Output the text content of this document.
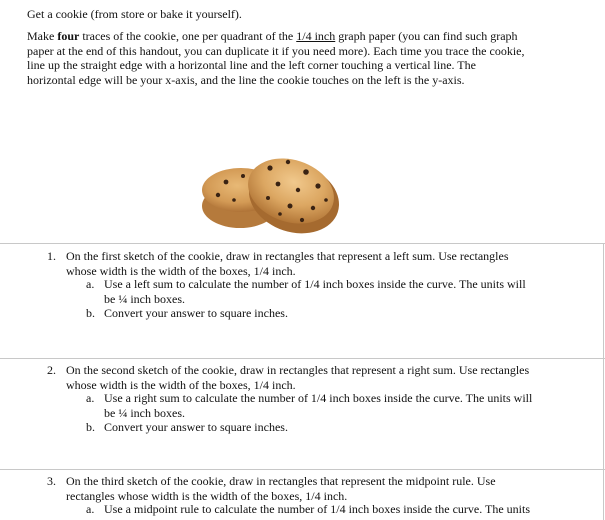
Get a cookie (from store or bake it yourself).

Make four traces of the cookie, one per quadrant of the 1/4 inch graph paper (you can find such graph paper at the end of this handout, you can duplicate it if you need more). Each time you trace the cookie, line up the straight edge with a horizontal line and the left corner touching a vertical line. The horizontal edge will be your x-axis, and the line the cookie touches on the left is the y-axis.

1. On the first sketch of the cookie, draw in rectangles that represent a left sum. Use rectangles whose width is the width of the boxes, 1/4 inch.

a. Use a left sum to calculate the number of 1/4 inch boxes inside the curve. The units will be ¼ inch boxes.

b. Convert your answer to square inches.

2. On the second sketch of the cookie, draw in rectangles that represent a right sum. Use rectangles whose width is the width of the boxes, 1/4 inch.

a. Use a right sum to calculate the number of 1/4 inch boxes inside the curve. The units will be ¼ inch boxes.

b. Convert your answer to square inches.

3. On the third sketch of the cookie, draw in rectangles that represent the midpoint rule. Use rectangles whose width is the width of the boxes, 1/4 inch.

a. Use a midpoint rule to calculate the number of 1/4 inch boxes inside the curve. The units
